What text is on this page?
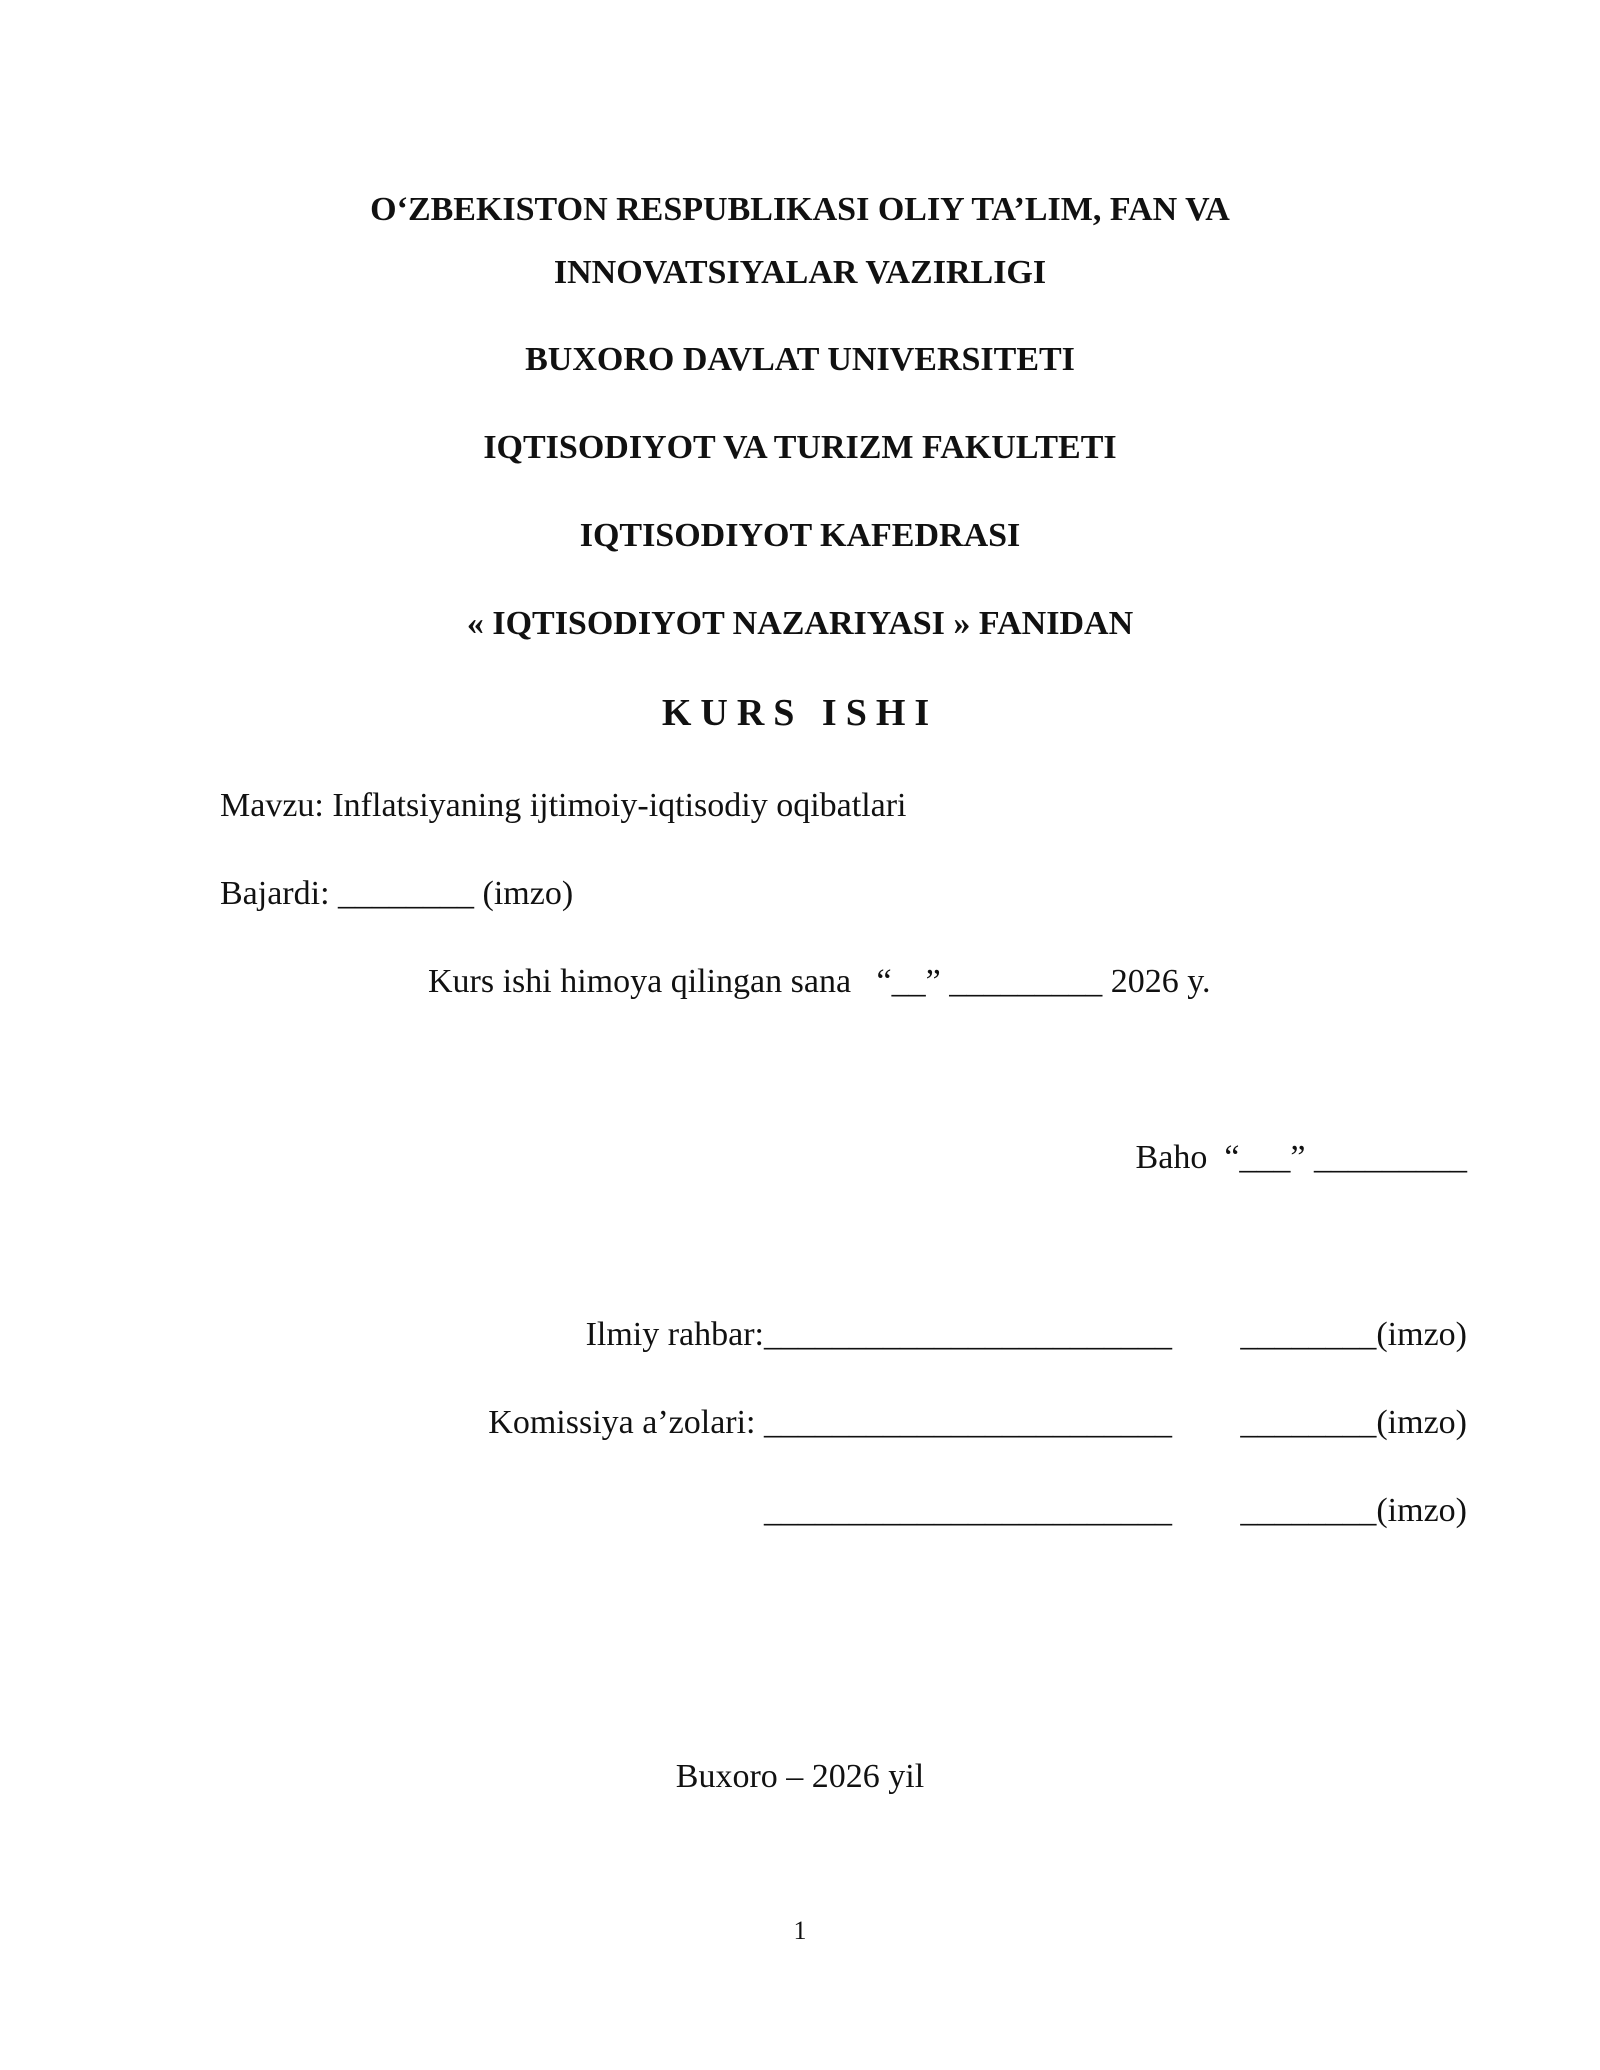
O‘ZBEKISTON RESPUBLIKASI OLIY TA’LIM, FAN VA
INNOVATSIYALAR VAZIRLIGI
BUXORO DAVLAT UNIVERSITETI
IQTISODIYOT VA TURIZM FAKULTETI
IQTISODIYOT KAFEDRASI
« IQTISODIYOT NAZARIYASI » FANIDAN
KURS ISHI
Mavzu: Inflatsiyaning ijtimoiy-iqtisodiy oqibatlari
Bajardi: ________ (imzo)
Kurs ishi himoya qilingan sana   “__” _________ 2026 y.
Baho  “___” _________
Ilmiy rahbar:________________________ ________(imzo)
Komissiya a’zolari: ________________________ ________(imzo)
________________________ ________(imzo)
Buxoro – 2026 yil
1
